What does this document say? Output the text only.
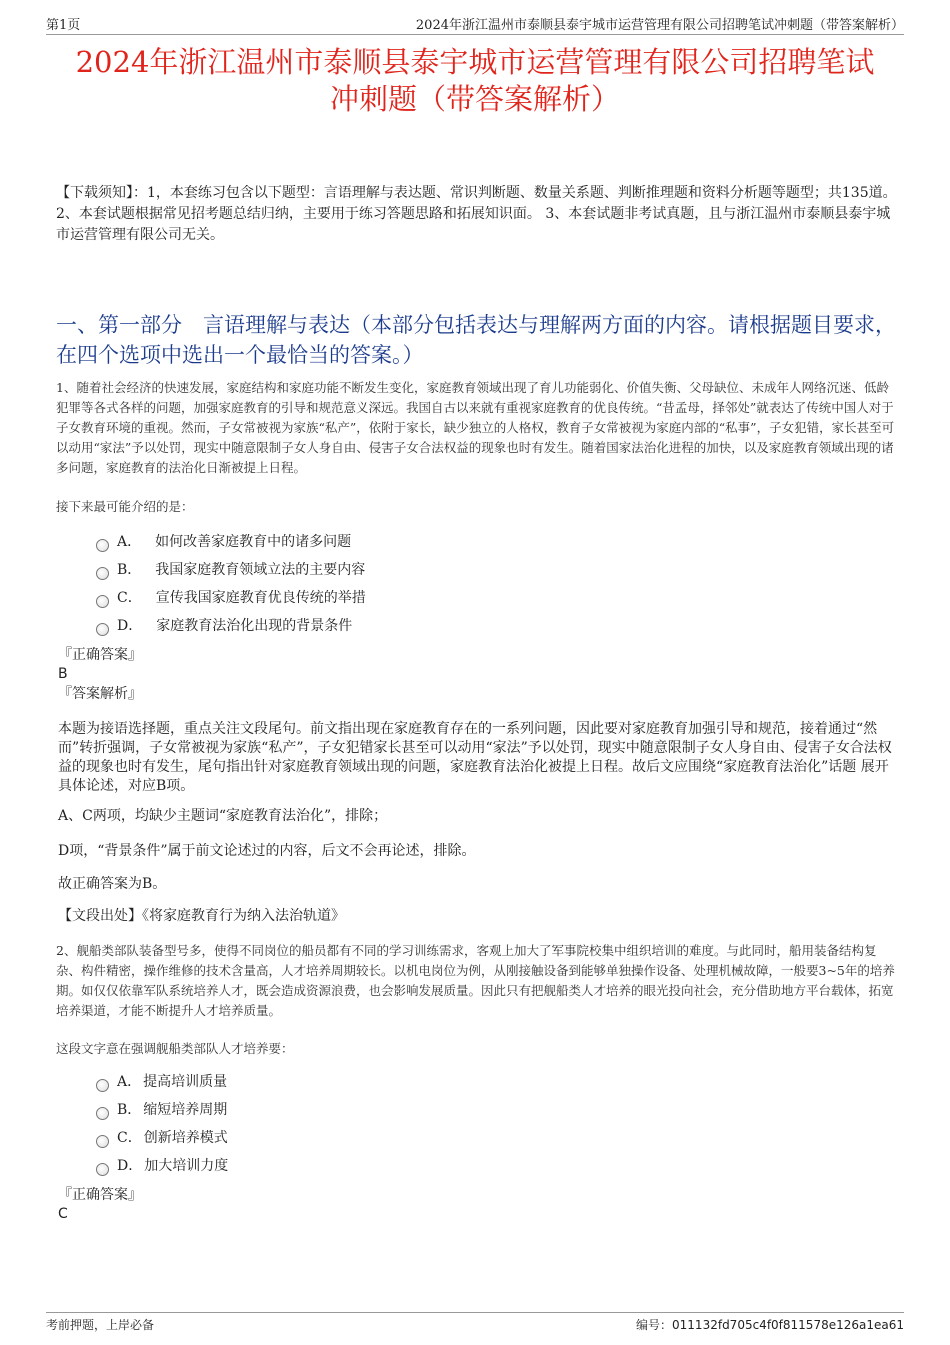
第1页	2024年浙江温州市泰顺县泰宇城市运营管理有限公司招聘笔试冲刺题（带答案解析）
2024年浙江温州市泰顺县泰宇城市运营管理有限公司招聘笔试
冲刺题（带答案解析）
【下载须知】：1，本套练习包含以下题型：言语理解与表达题、常识判断题、数量关系题、判断推理题和资料分析题等题型；共135道。 2、本套试题根据常见招考题总结归纳，主要用于练习答题思路和拓展知识面。 3、本套试题非考试真题，且与浙江温州市泰顺县泰宇城市运营管理有限公司无关。
一、第一部分　言语理解与表达（本部分包括表达与理解两方面的内容。请根据题目要求，在四个选项中选出一个最恰当的答案。）
1、随着社会经济的快速发展，家庭结构和家庭功能不断发生变化，家庭教育领域出现了育儿功能弱化、价值失衡、父母缺位、未成年人网络沉迷、低龄犯罪等各式各样的问题，加强家庭教育的引导和规范意义深远。我国自古以来就有重视家庭教育的优良传统。“昔孟母，择邻处”就表达了传统中国人对于子女教育环境的重视。然而，子女常被视为家族“私产”，依附于家长，缺少独立的人格权，教育子女常被视为家庭内部的“私事”，子女犯错，家长甚至可以动用“家法”予以处罚，现实中随意限制子女人身自由、侵害子女合法权益的现象也时有发生。随着国家法治化进程的加快，以及家庭教育领域出现的诸多问题，家庭教育的法治化日渐被提上日程。
接下来最可能介绍的是：
A． 如何改善家庭教育中的诸多问题
B． 我国家庭教育领域立法的主要内容
C． 宣传我国家庭教育优良传统的举措
D． 家庭教育法治化出现的背景条件
『正确答案』
B
『答案解析』
本题为接语选择题，重点关注文段尾句。前文指出现在家庭教育存在的一系列问题，因此要对家庭教育加强引导和规范，接着通过“然而”转折强调，子女常被视为家族“私产”，子女犯错家长甚至可以动用“家法”予以处罚，现实中随意限制子女人身自由、侵害子女合法权益的现象也时有发生，尾句指出针对家庭教育领域出现的问题，家庭教育法治化被提上日程。故后文应围绕“家庭教育法治化”话题 展开 具体论述，对应B项。
A、C两项，均缺少主题词“家庭教育法治化”，排除；
D项，“背景条件”属于前文论述过的内容，后文不会再论述，排除。
故正确答案为B。
【文段出处】《将家庭教育行为纳入法治轨道》
2、舰船类部队装备型号多，使得不同岗位的船员都有不同的学习训练需求，客观上加大了军事院校集中组织培训的难度。与此同时，船用装备结构复杂、构件精密，操作维修的技术含量高，人才培养周期较长。以机电岗位为例，从刚接触设备到能够单独操作设备、处理机械故障，一般要3~5年的培养期。如仅仅依靠军队系统培养人才，既会造成资源浪费，也会影响发展质量。因此只有把舰船类人才培养的眼光投向社会，充分借助地方平台载体，拓宽培养渠道，才能不断提升人才培养质量。
这段文字意在强调舰船类部队人才培养要：
A． 提高培训质量
B． 缩短培养周期
C． 创新培养模式
D． 加大培训力度
『正确答案』
C
考前押题，上岸必备	编号：011132fd705c4f0f811578e126a1ea61
